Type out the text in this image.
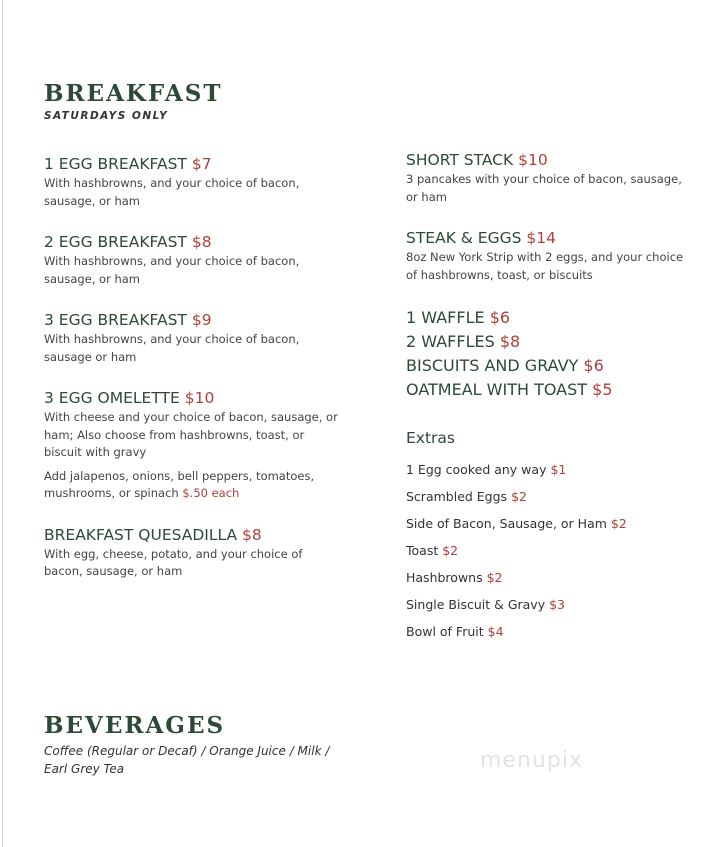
BREAKFAST
SATURDAYS ONLY
1 EGG BREAKFAST $7
With hashbrowns, and your choice of bacon, sausage, or ham
2 EGG BREAKFAST $8
With hashbrowns, and your choice of bacon, sausage, or ham
3 EGG BREAKFAST $9
With hashbrowns, and your choice of bacon, sausage or ham
3 EGG OMELETTE $10
With cheese and your choice of bacon, sausage, or ham; Also choose from hashbrowns, toast, or biscuit with gravy
Add jalapenos, onions, bell peppers, tomatoes, mushrooms, or spinach $.50 each
BREAKFAST QUESADILLA $8
With egg, cheese, potato, and your choice of bacon, sausage, or ham
SHORT STACK $10
3 pancakes with your choice of bacon, sausage, or ham
STEAK & EGGS $14
8oz New York Strip with 2 eggs, and your choice of hashbrowns, toast, or biscuits
1 WAFFLE $6
2 WAFFLES $8
BISCUITS AND GRAVY $6
OATMEAL WITH TOAST $5
Extras
1 Egg cooked any way $1
Scrambled Eggs $2
Side of Bacon, Sausage, or Ham $2
Toast $2
Hashbrowns $2
Single Biscuit & Gravy $3
Bowl of Fruit $4
BEVERAGES
Coffee (Regular or Decaf) / Orange Juice / Milk / Earl Grey Tea	menupix
